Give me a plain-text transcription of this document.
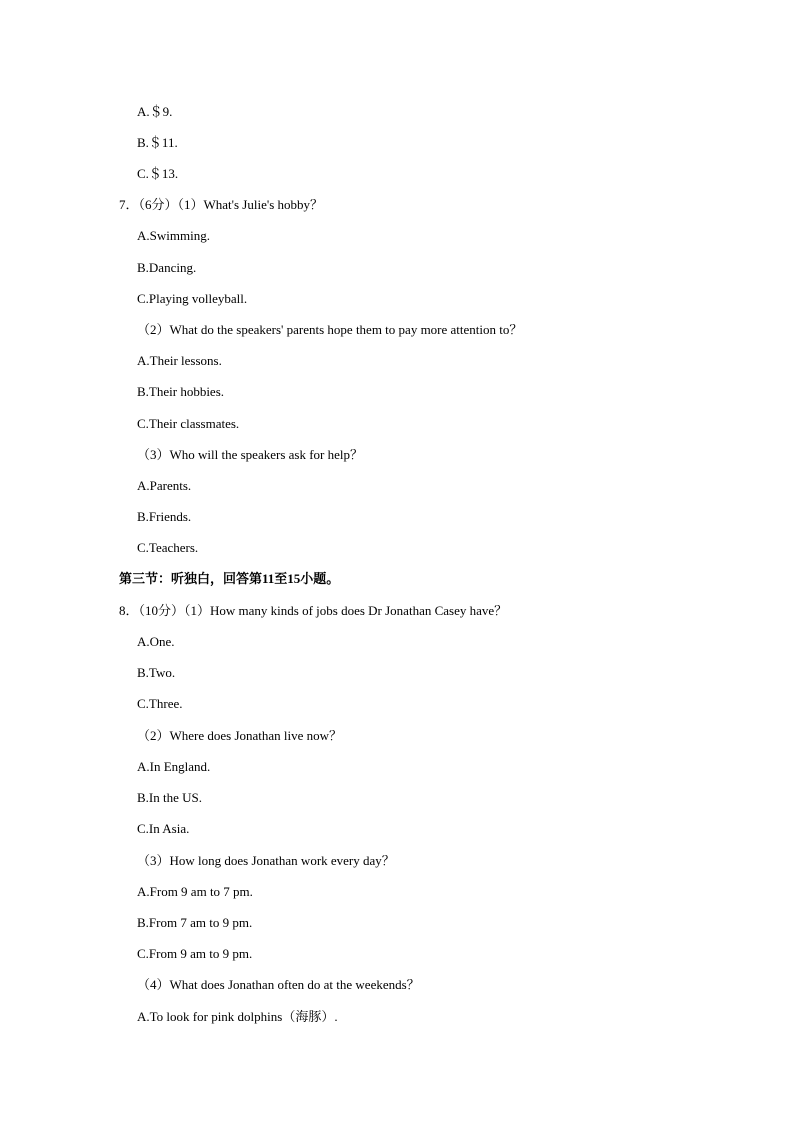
A.＄9.
B.＄11.
C.＄13.
7．（6分）（1）What's Julie's hobby？
A.Swimming.
B.Dancing.
C.Playing volleyball.
（2）What do the speakers' parents hope them to pay more attention to？
A.Their lessons.
B.Their hobbies.
C.Their classmates.
（3）Who will the speakers ask for help？
A.Parents.
B.Friends.
C.Teachers.
第三节：听独白，回答第11至15小题。
8．（10分）（1）How many kinds of jobs does Dr Jonathan Casey have？
A.One.
B.Two.
C.Three.
（2）Where does Jonathan live now？
A.In England.
B.In the US.
C.In Asia.
（3）How long does Jonathan work every day？
A.From 9 am to 7 pm.
B.From 7 am to 9 pm.
C.From 9 am to 9 pm.
（4）What does Jonathan often do at the weekends？
A.To look for pink dolphins（海豚）.
